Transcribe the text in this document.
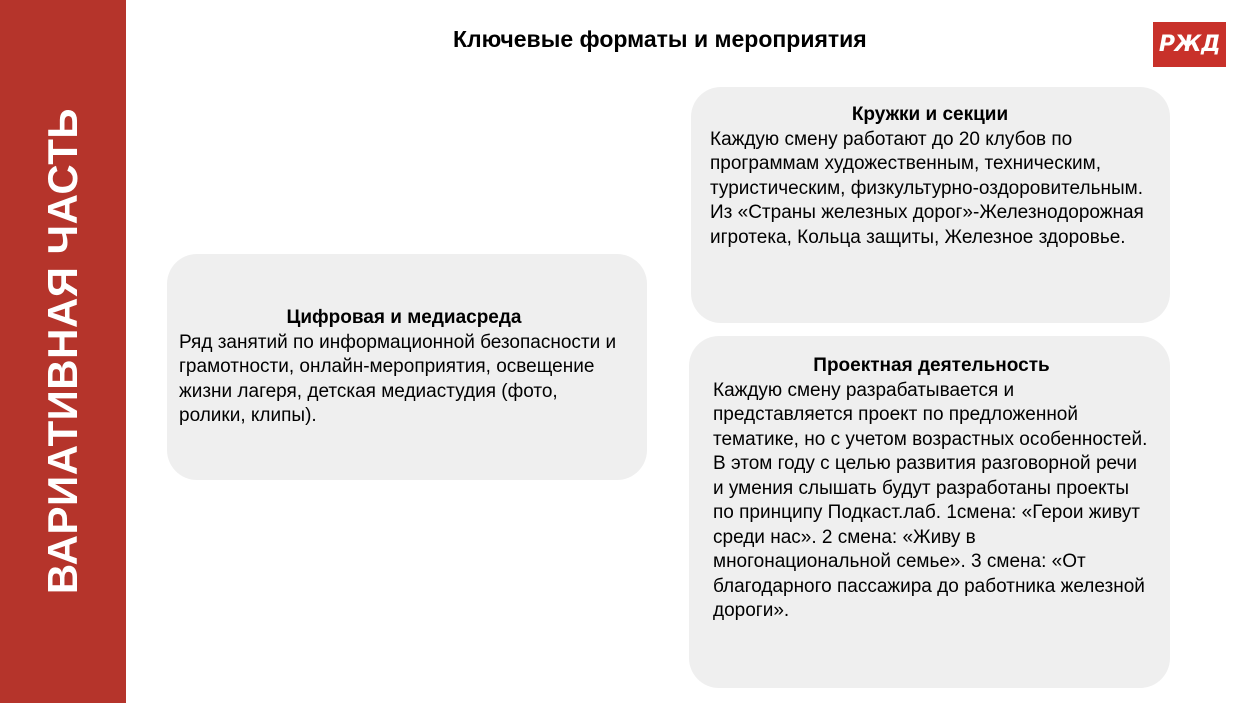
ВАРИАТИВНАЯ ЧАСТЬ
Ключевые форматы и мероприятия	РЖД
Цифровая и медиасреда
Ряд занятий по информационной безопасности и грамотности, онлайн-мероприятия, освещение жизни лагеря, детская медиастудия (фото, ролики, клипы).
Кружки и секции
Каждую смену работают до 20 клубов по программам художественным, техническим, туристическим, физкультурно-оздоровительным. Из «Страны железных дорог»-Железнодорожная игротека, Кольца защиты, Железное здоровье.
Проектная деятельность
Каждую смену разрабатывается и представляется проект по предложенной тематике, но с учетом возрастных особенностей. В этом году с целью развития разговорной речи и умения слышать будут разработаны проекты по принципу Подкаст.лаб. 1смена: «Герои живут среди нас». 2 смена: «Живу в многонациональной семье». 3 смена: «От благодарного пассажира до работника железной дороги».
